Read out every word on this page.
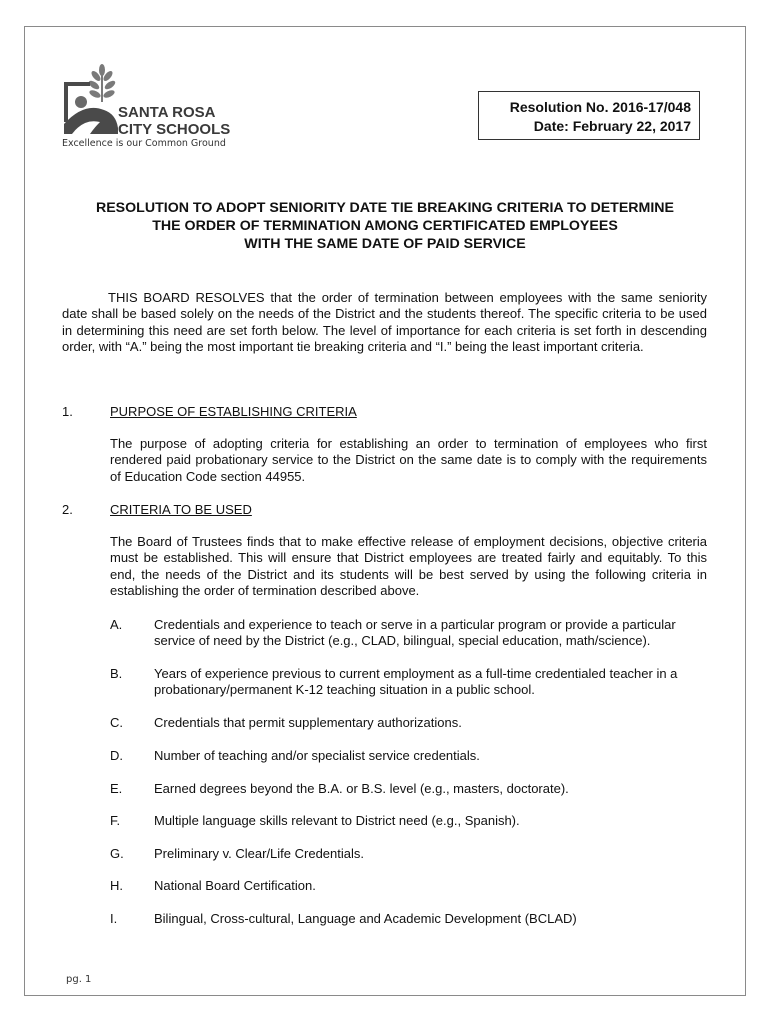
SANTA ROSA
CITY SCHOOLS
Excellence is our Common Ground
Resolution No. 2016-17/048
Date: February 22, 2017
RESOLUTION TO ADOPT SENIORITY DATE TIE BREAKING CRITERIA TO DETERMINE
THE ORDER OF TERMINATION AMONG CERTIFICATED EMPLOYEES
WITH THE SAME DATE OF PAID SERVICE
THIS BOARD RESOLVES that the order of termination between employees with the same seniority date shall be based solely on the needs of the District and the students thereof. The specific criteria to be used in determining this need are set forth below. The level of importance for each criteria is set forth in descending order, with “A.” being the most important tie breaking criteria and “I.” being the least important criteria.
1.	PURPOSE OF ESTABLISHING CRITERIA
The purpose of adopting criteria for establishing an order to termination of employees who first rendered paid probationary service to the District on the same date is to comply with the requirements of Education Code section 44955.
2.	CRITERIA TO BE USED
The Board of Trustees finds that to make effective release of employment decisions, objective criteria must be established. This will ensure that District employees are treated fairly and equitably. To this end, the needs of the District and its students will be best served by using the following criteria in establishing the order of termination described above.
A. Credentials and experience to teach or serve in a particular program or provide a particular service of need by the District (e.g., CLAD, bilingual, special education, math/science).
B. Years of experience previous to current employment as a full-time credentialed teacher in a probationary/permanent K-12 teaching situation in a public school.
C. Credentials that permit supplementary authorizations.
D. Number of teaching and/or specialist service credentials.
E. Earned degrees beyond the B.A. or B.S. level (e.g., masters, doctorate).
F.	Multiple language skills relevant to District need (e.g., Spanish).
G. Preliminary v. Clear/Life Credentials.
H. National Board Certification.
I.	Bilingual, Cross-cultural, Language and Academic Development (BCLAD)
pg. 1
